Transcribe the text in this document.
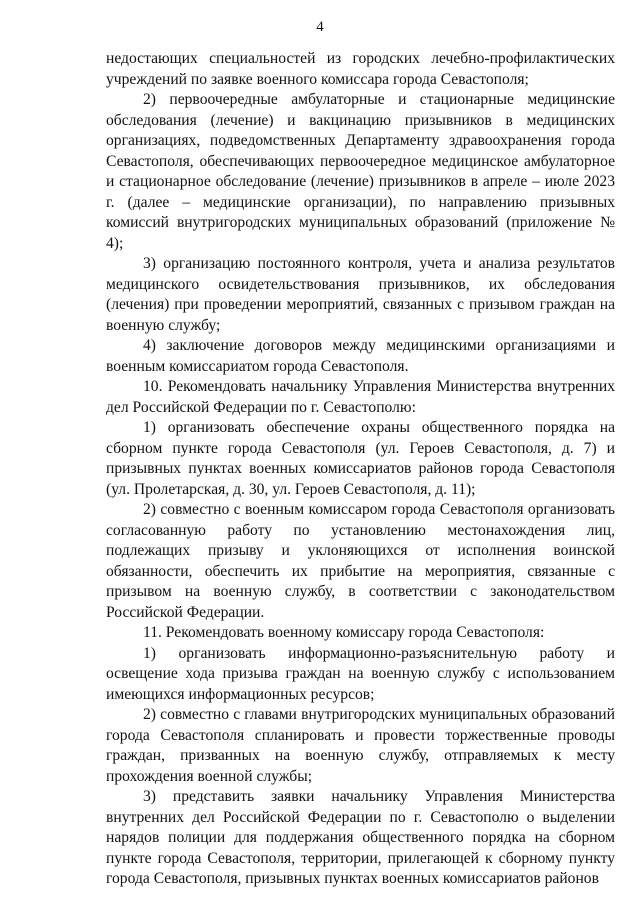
4

недостающих специальностей из городских лечебно-профилактических учреждений по заявке военного комиссара города Севастополя;

2) первоочередные амбулаторные и стационарные медицинские обследования (лечение) и вакцинацию призывников в медицинских организациях, подведомственных Департаменту здравоохранения города Севастополя, обеспечивающих первоочередное медицинское амбулаторное и стационарное обследование (лечение) призывников в апреле – июле 2023 г. (далее – медицинские организации), по направлению призывных комиссий внутригородских муниципальных образований (приложение № 4);

3) организацию постоянного контроля, учета и анализа результатов медицинского освидетельствования призывников, их обследования (лечения) при проведении мероприятий, связанных с призывом граждан на военную службу;

4) заключение договоров между медицинскими организациями и военным комиссариатом города Севастополя.

10. Рекомендовать начальнику Управления Министерства внутренних дел Российской Федерации по г. Севастополю:

1) организовать обеспечение охраны общественного порядка на сборном пункте города Севастополя (ул. Героев Севастополя, д. 7) и призывных пунктах военных комиссариатов районов города Севастополя (ул. Пролетарская, д. 30, ул. Героев Севастополя, д. 11);

2) совместно с военным комиссаром города Севастополя организовать согласованную работу по установлению местонахождения лиц, подлежащих призыву и уклоняющихся от исполнения воинской обязанности, обеспечить их прибытие на мероприятия, связанные с призывом на военную службу, в соответствии с законодательством Российской Федерации.

11. Рекомендовать военному комиссару города Севастополя:

1) организовать информационно-разъяснительную работу и освещение хода призыва граждан на военную службу с использованием имеющихся информационных ресурсов;

2) совместно с главами внутригородских муниципальных образований города Севастополя спланировать и провести торжественные проводы граждан, призванных на военную службу, отправляемых к месту прохождения военной службы;

3) представить заявки начальнику Управления Министерства внутренних дел Российской Федерации по г. Севастополю о выделении нарядов полиции для поддержания общественного порядка на сборном пункте города Севастополя, территории, прилегающей к сборному пункту города Севастополя, призывных пунктах военных комиссариатов районов
